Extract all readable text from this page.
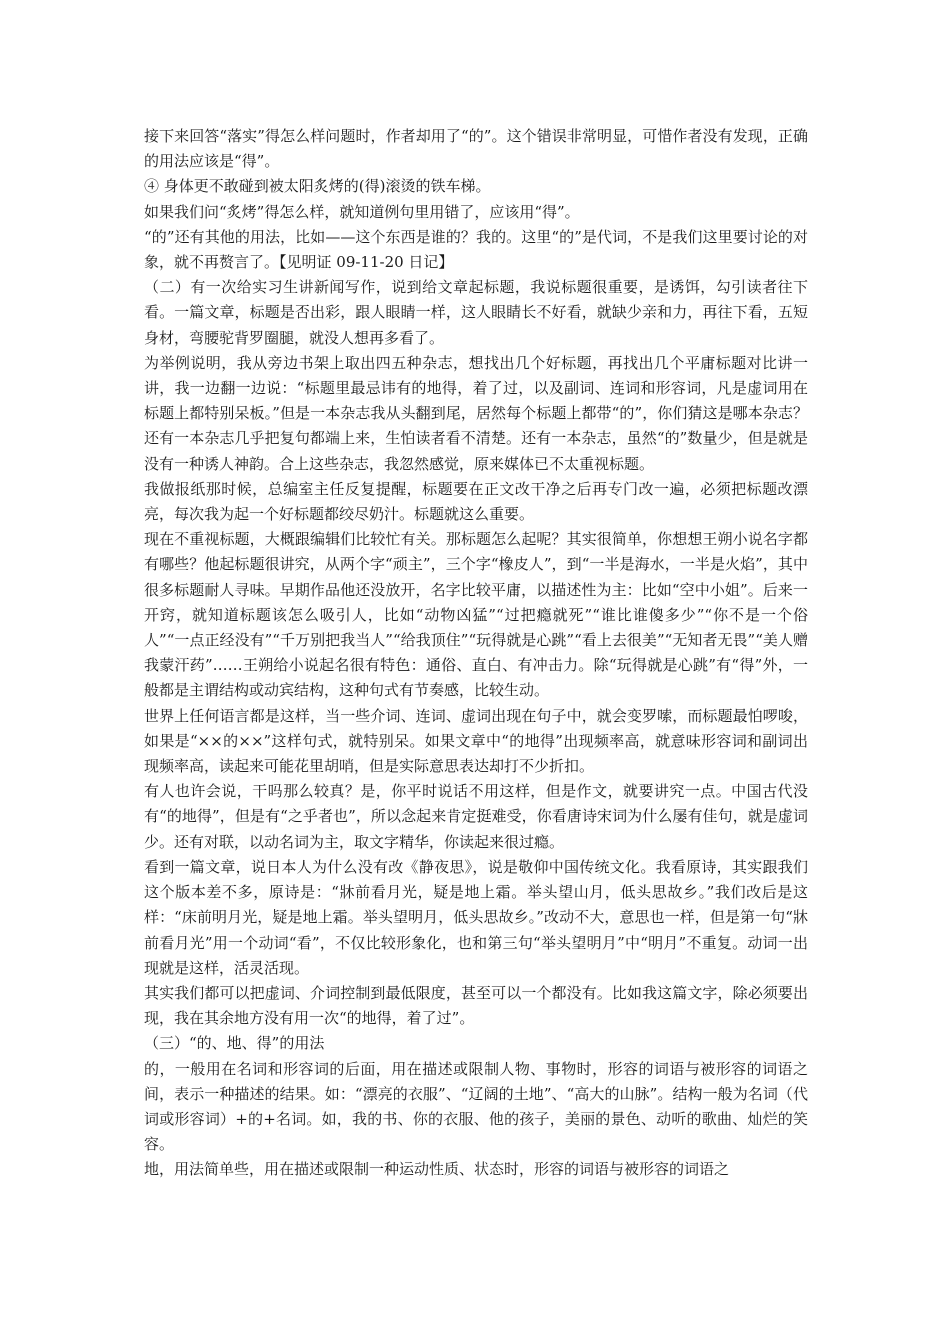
接下来回答“落实”得怎么样问题时，作者却用了“的”。这个错误非常明显，可惜作者没有发现，正确的用法应该是“得”。

④ 身体更不敢碰到被太阳炙烤的(得)滚烫的铁车梯。

如果我们问“炙烤”得怎么样，就知道例句里用错了，应该用“得”。

“的”还有其他的用法，比如——这个东西是谁的？我的。这里“的”是代词，不是我们这里要讨论的对象，就不再赘言了。【见明证 09-11-20 日记】

（二）有一次给实习生讲新闻写作，说到给文章起标题，我说标题很重要，是诱饵，勾引读者往下看。一篇文章，标题是否出彩，跟人眼睛一样，这人眼睛长不好看，就缺少亲和力，再往下看，五短身材，弯腰驼背罗圈腿，就没人想再多看了。

为举例说明，我从旁边书架上取出四五种杂志，想找出几个好标题，再找出几个平庸标题对比讲一讲，我一边翻一边说：“标题里最忌讳有的地得，着了过，以及副词、连词和形容词，凡是虚词用在标题上都特别呆板。”但是一本杂志我从头翻到尾，居然每个标题上都带“的”，你们猜这是哪本杂志？还有一本杂志几乎把复句都端上来，生怕读者看不清楚。还有一本杂志，虽然“的”数量少，但是就是没有一种诱人神韵。合上这些杂志，我忽然感觉，原来媒体已不太重视标题。

我做报纸那时候，总编室主任反复提醒，标题要在正文改干净之后再专门改一遍，必须把标题改漂亮，每次我为起一个好标题都绞尽奶汁。标题就这么重要。

现在不重视标题，大概跟编辑们比较忙有关。那标题怎么起呢？其实很简单，你想想王朔小说名字都有哪些？他起标题很讲究，从两个字“顽主”，三个字“橡皮人”，到“一半是海水，一半是火焰”，其中很多标题耐人寻味。早期作品他还没放开，名字比较平庸，以描述性为主：比如“空中小姐”。后来一开窍，就知道标题该怎么吸引人，比如“动物凶猛”“过把瘾就死”“谁比谁傻多少”“你不是一个俗人”“一点正经没有”“千万别把我当人”“给我顶住”“玩得就是心跳”“看上去很美”“无知者无畏”“美人赠我蒙汗药”……王朔给小说起名很有特色：通俗、直白、有冲击力。除“玩得就是心跳”有“得”外，一般都是主谓结构或动宾结构，这种句式有节奏感，比较生动。

世界上任何语言都是这样，当一些介词、连词、虚词出现在句子中，就会变罗嗦，而标题最怕啰唆，如果是“××的××”这样句式，就特别呆。如果文章中“的地得”出现频率高，就意味形容词和副词出现频率高，读起来可能花里胡哨，但是实际意思表达却打不少折扣。

有人也许会说，干吗那么较真？是，你平时说话不用这样，但是作文，就要讲究一点。中国古代没有“的地得”，但是有“之乎者也”，所以念起来肯定挺难受，你看唐诗宋词为什么屡有佳句，就是虚词少。还有对联，以动名词为主，取文字精华，你读起来很过瘾。

看到一篇文章，说日本人为什么没有改《静夜思》，说是敬仰中国传统文化。我看原诗，其实跟我们这个版本差不多，原诗是：“牀前看月光，疑是地上霜。举头望山月，低头思故乡。”我们改后是这样：“床前明月光，疑是地上霜。举头望明月，低头思故乡。”改动不大，意思也一样，但是第一句“牀前看月光”用一个动词“看”，不仅比较形象化，也和第三句“举头望明月”中“明月”不重复。动词一出现就是这样，活灵活现。

其实我们都可以把虚词、介词控制到最低限度，甚至可以一个都没有。比如我这篇文字，除必须要出现，我在其余地方没有用一次“的地得，着了过”。

（三）“的、地、得”的用法

的，一般用在名词和形容词的后面，用在描述或限制人物、事物时，形容的词语与被形容的词语之间，表示一种描述的结果。如：“漂亮的衣服”、“辽阔的土地”、“高大的山脉”。结构一般为名词（代词或形容词）+的+名词。如，我的书、你的衣服、他的孩子，美丽的景色、动听的歌曲、灿烂的笑容。

地，用法简单些，用在描述或限制一种运动性质、状态时，形容的词语与被形容的词语之
